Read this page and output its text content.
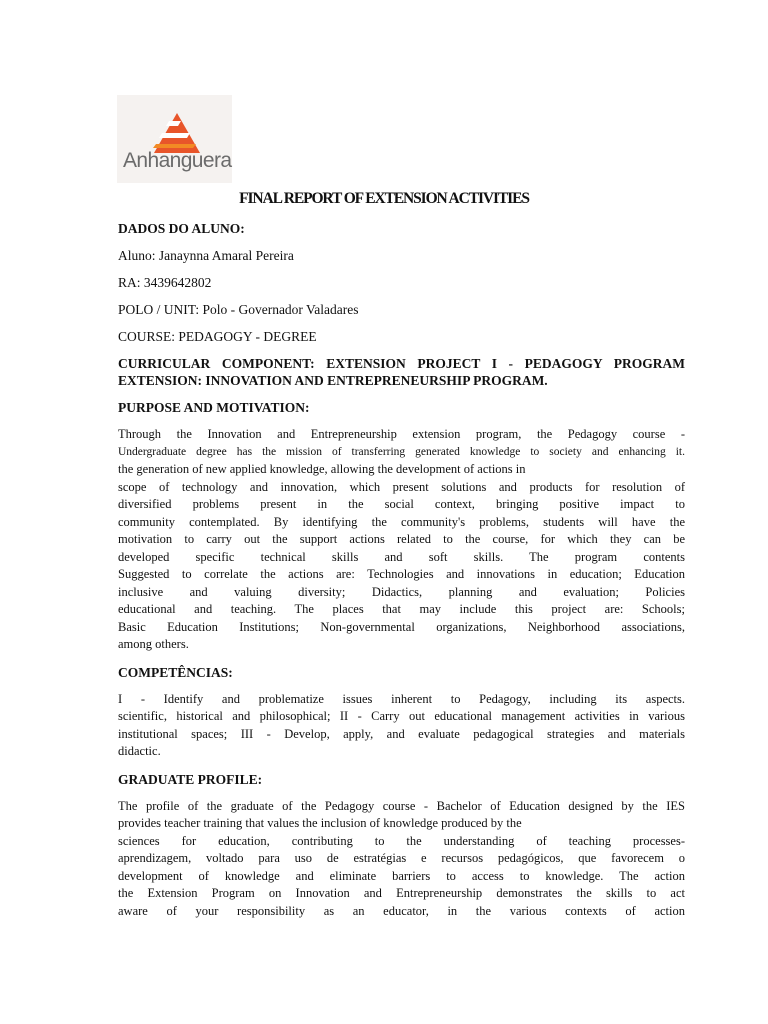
Anhanguera
FINAL REPORT OF EXTENSION ACTIVITIES
DADOS DO ALUNO:
Aluno: Janaynna Amaral Pereira
RA: 3439642802
POLO / UNIT: Polo - Governador Valadares
COURSE: PEDAGOGY - DEGREE
CURRICULAR COMPONENT: EXTENSION PROJECT I - PEDAGOGY PROGRAM EXTENSION: INNOVATION AND ENTREPRENEURSHIP PROGRAM.
PURPOSE AND MOTIVATION:
Through the Innovation and Entrepreneurship extension program, the Pedagogy course -
Undergraduate degree has the mission of transferring generated knowledge to society and enhancing it.
the generation of new applied knowledge, allowing the development of actions in
scope of technology and innovation, which present solutions and products for resolution of
diversified problems present in the social context, bringing positive impact to
community contemplated. By identifying the community's problems, students will have the
motivation to carry out the support actions related to the course, for which they can be
developed specific technical skills and soft skills. The program contents
Suggested to correlate the actions are: Technologies and innovations in education; Education
inclusive and valuing diversity; Didactics, planning and evaluation; Policies
educational and teaching. The places that may include this project are: Schools;
Basic Education Institutions; Non-governmental organizations, Neighborhood associations,
among others.
COMPETÊNCIAS:
I - Identify and problematize issues inherent to Pedagogy, including its aspects.
scientific, historical and philosophical; II - Carry out educational management activities in various
institutional spaces; III - Develop, apply, and evaluate pedagogical strategies and materials
didactic.
GRADUATE PROFILE:
The profile of the graduate of the Pedagogy course - Bachelor of Education designed by the IES
provides teacher training that values the inclusion of knowledge produced by the
sciences for education, contributing to the understanding of teaching processes-
aprendizagem, voltado para uso de estratégias e recursos pedagógicos, que favorecem o
development of knowledge and eliminate barriers to access to knowledge. The action
the Extension Program on Innovation and Entrepreneurship demonstrates the skills to act
aware of your responsibility as an educator, in the various contexts of action
